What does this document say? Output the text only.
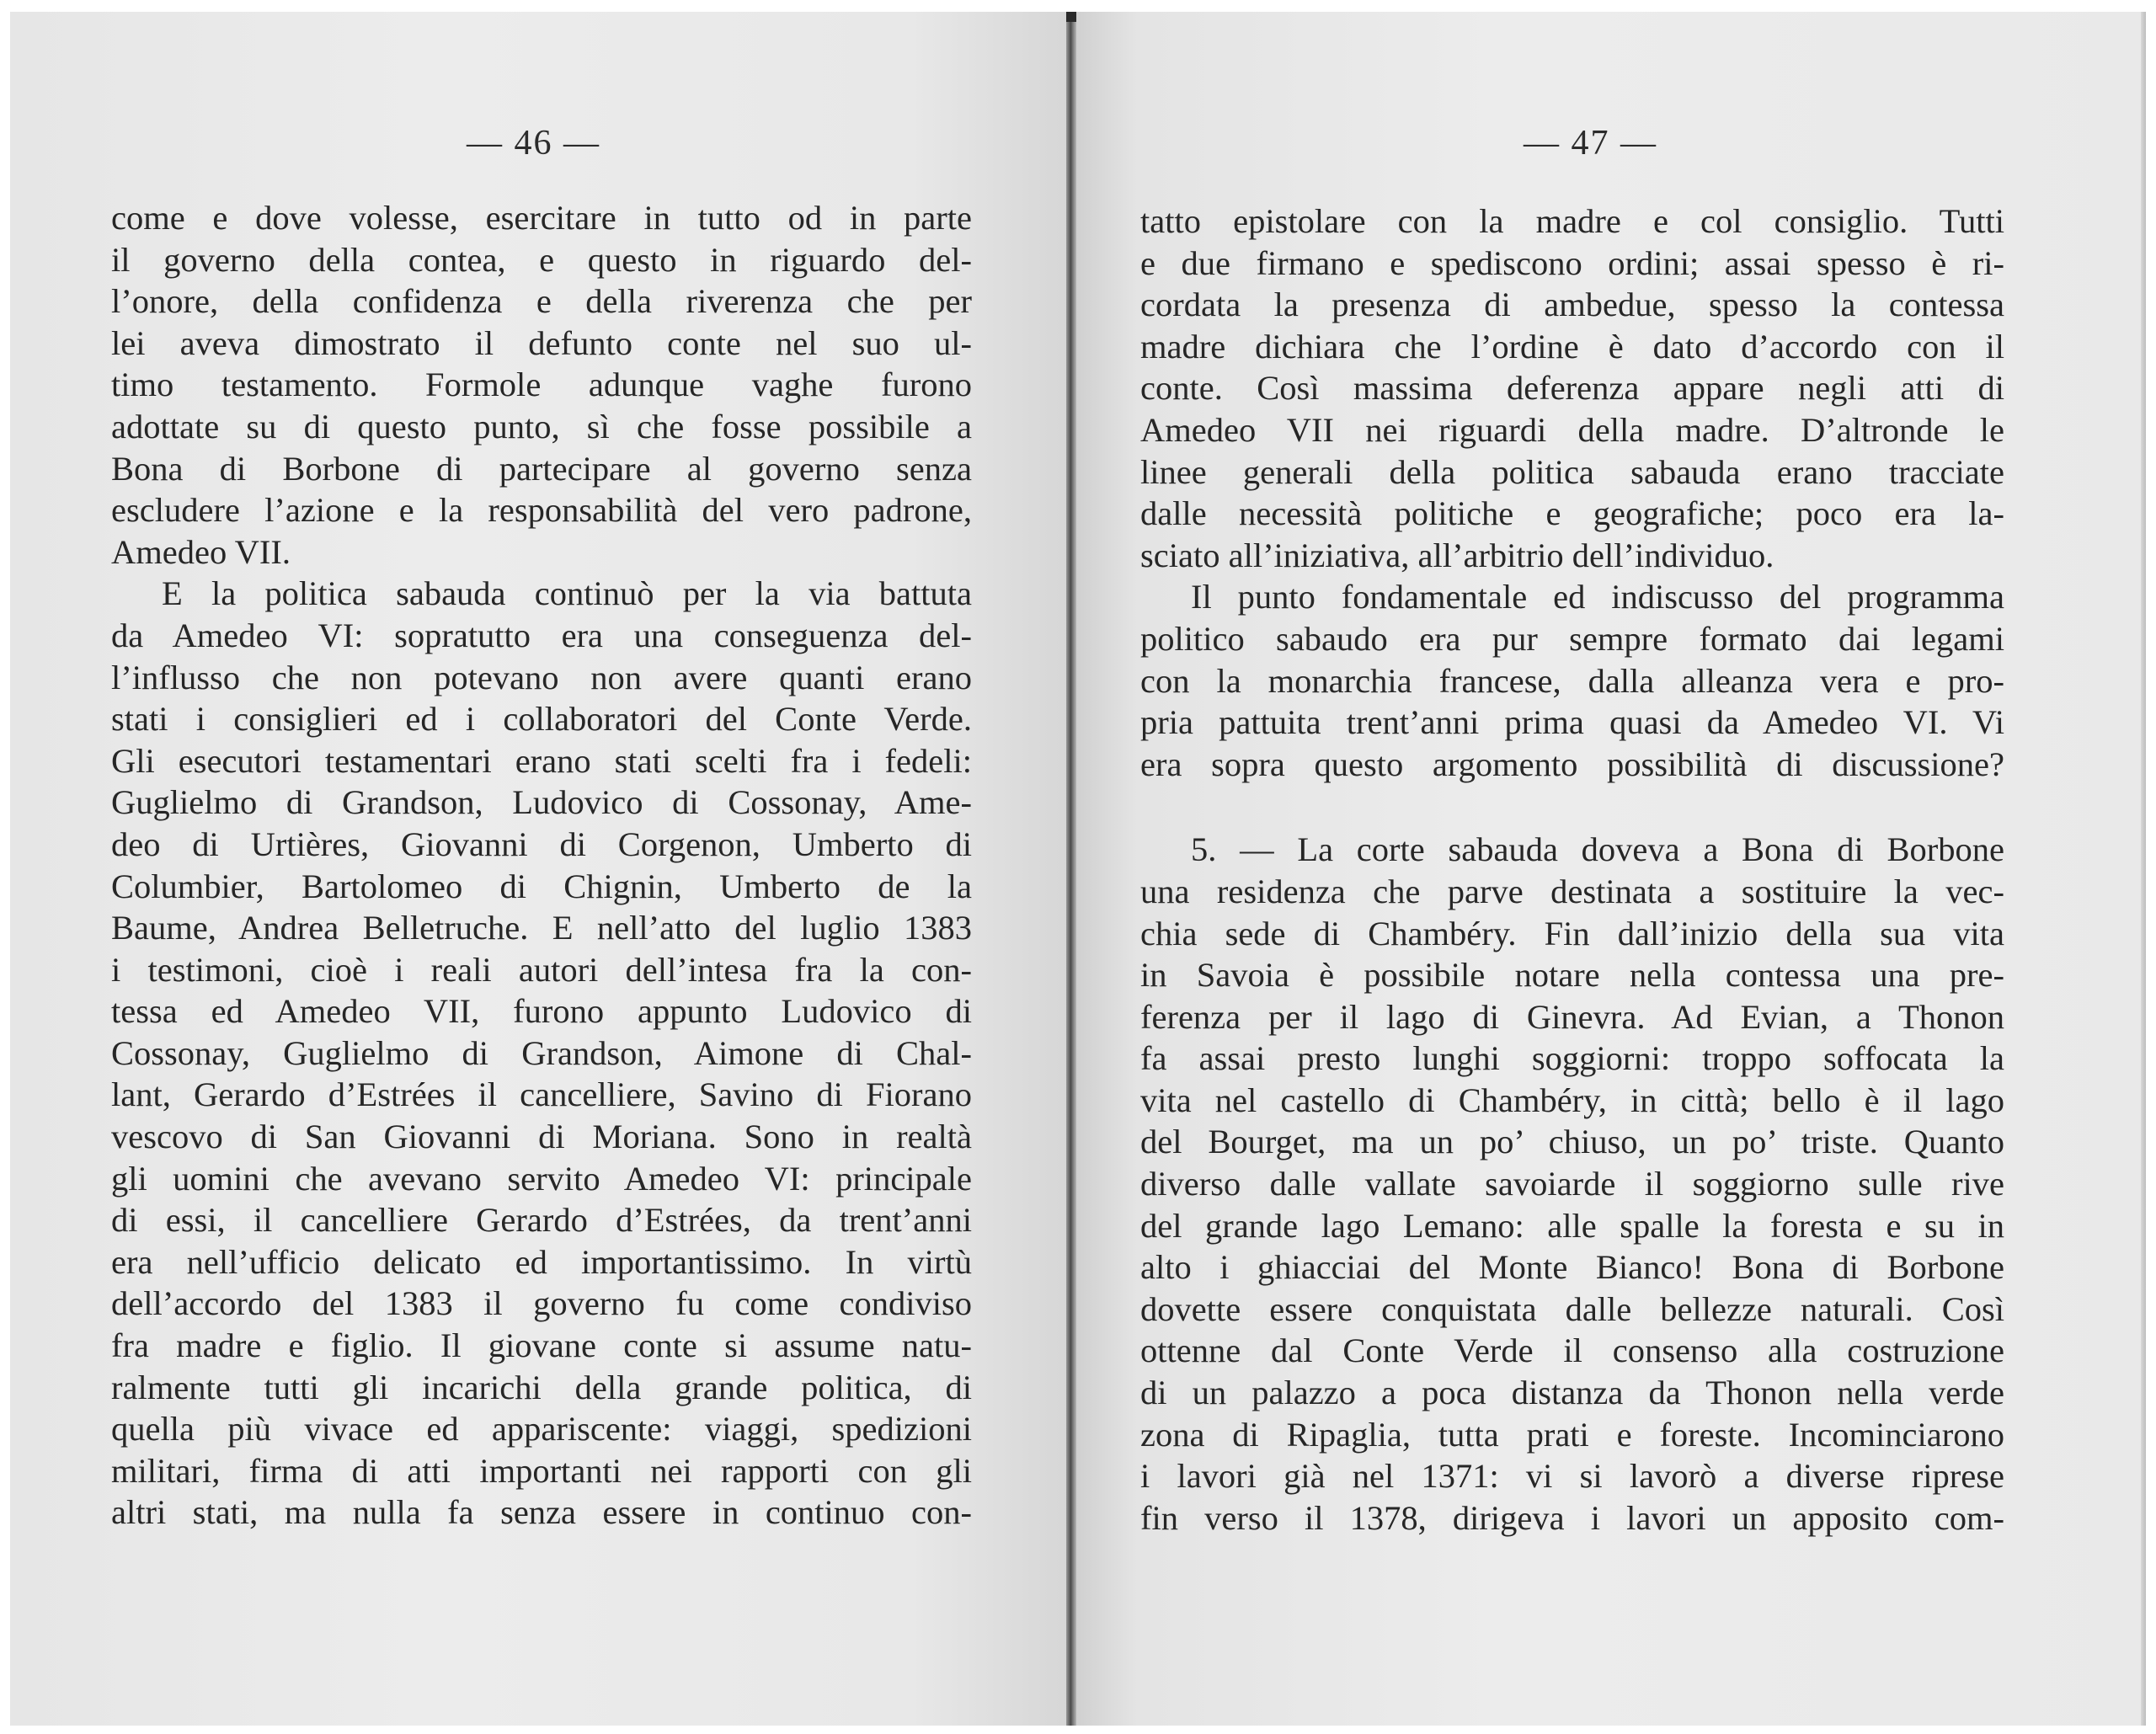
— 46 —
come e dove volesse, esercitare in tutto od in parte
il governo della contea, e questo in riguardo del-
l’onore, della confidenza e della riverenza che per
lei aveva dimostrato il defunto conte nel suo ul-
timo testamento. Formole adunque vaghe furono
adottate su di questo punto, sì che fosse possibile a
Bona di Borbone di partecipare al governo senza
escludere l’azione e la responsabilità del vero padrone,
Amedeo VII.
E la politica sabauda continuò per la via battuta
da Amedeo VI: sopratutto era una conseguenza del-
l’influsso che non potevano non avere quanti erano
stati i consiglieri ed i collaboratori del Conte Verde.
Gli esecutori testamentari erano stati scelti fra i fedeli:
Guglielmo di Grandson, Ludovico di Cossonay, Ame-
deo di Urtières, Giovanni di Corgenon, Umberto di
Columbier, Bartolomeo di Chignin, Umberto de la
Baume, Andrea Belletruche. E nell’atto del luglio 1383
i testimoni, cioè i reali autori dell’intesa fra la con-
tessa ed Amedeo VII, furono appunto Ludovico di
Cossonay, Guglielmo di Grandson, Aimone di Chal-
lant, Gerardo d’Estrées il cancelliere, Savino di Fiorano
vescovo di San Giovanni di Moriana. Sono in realtà
gli uomini che avevano servito Amedeo VI: principale
di essi, il cancelliere Gerardo d’Estrées, da trent’anni
era nell’ufficio delicato ed importantissimo. In virtù
dell’accordo del 1383 il governo fu come condiviso
fra madre e figlio. Il giovane conte si assume natu-
ralmente tutti gli incarichi della grande politica, di
quella più vivace ed appariscente: viaggi, spedizioni
militari, firma di atti importanti nei rapporti con gli
altri stati, ma nulla fa senza essere in continuo con-
— 47 —
tatto epistolare con la madre e col consiglio. Tutti
e due firmano e spediscono ordini; assai spesso è ri-
cordata la presenza di ambedue, spesso la contessa
madre dichiara che l’ordine è dato d’accordo con il
conte. Così massima deferenza appare negli atti di
Amedeo VII nei riguardi della madre. D’altronde le
linee generali della politica sabauda erano tracciate
dalle necessità politiche e geografiche; poco era la-
sciato all’iniziativa, all’arbitrio dell’individuo.
Il punto fondamentale ed indiscusso del programma
politico sabaudo era pur sempre formato dai legami
con la monarchia francese, dalla alleanza vera e pro-
pria pattuita trent’anni prima quasi da Amedeo VI. Vi
era sopra questo argomento possibilità di discussione?
5. — La corte sabauda doveva a Bona di Borbone
una residenza che parve destinata a sostituire la vec-
chia sede di Chambéry. Fin dall’inizio della sua vita
in Savoia è possibile notare nella contessa una pre-
ferenza per il lago di Ginevra. Ad Evian, a Thonon
fa assai presto lunghi soggiorni: troppo soffocata la
vita nel castello di Chambéry, in città; bello è il lago
del Bourget, ma un po’ chiuso, un po’ triste. Quanto
diverso dalle vallate savoiarde il soggiorno sulle rive
del grande lago Lemano: alle spalle la foresta e su in
alto i ghiacciai del Monte Bianco! Bona di Borbone
dovette essere conquistata dalle bellezze naturali. Così
ottenne dal Conte Verde il consenso alla costruzione
di un palazzo a poca distanza da Thonon nella verde
zona di Ripaglia, tutta prati e foreste. Incominciarono
i lavori già nel 1371: vi si lavorò a diverse riprese
fin verso il 1378, dirigeva i lavori un apposito com-
